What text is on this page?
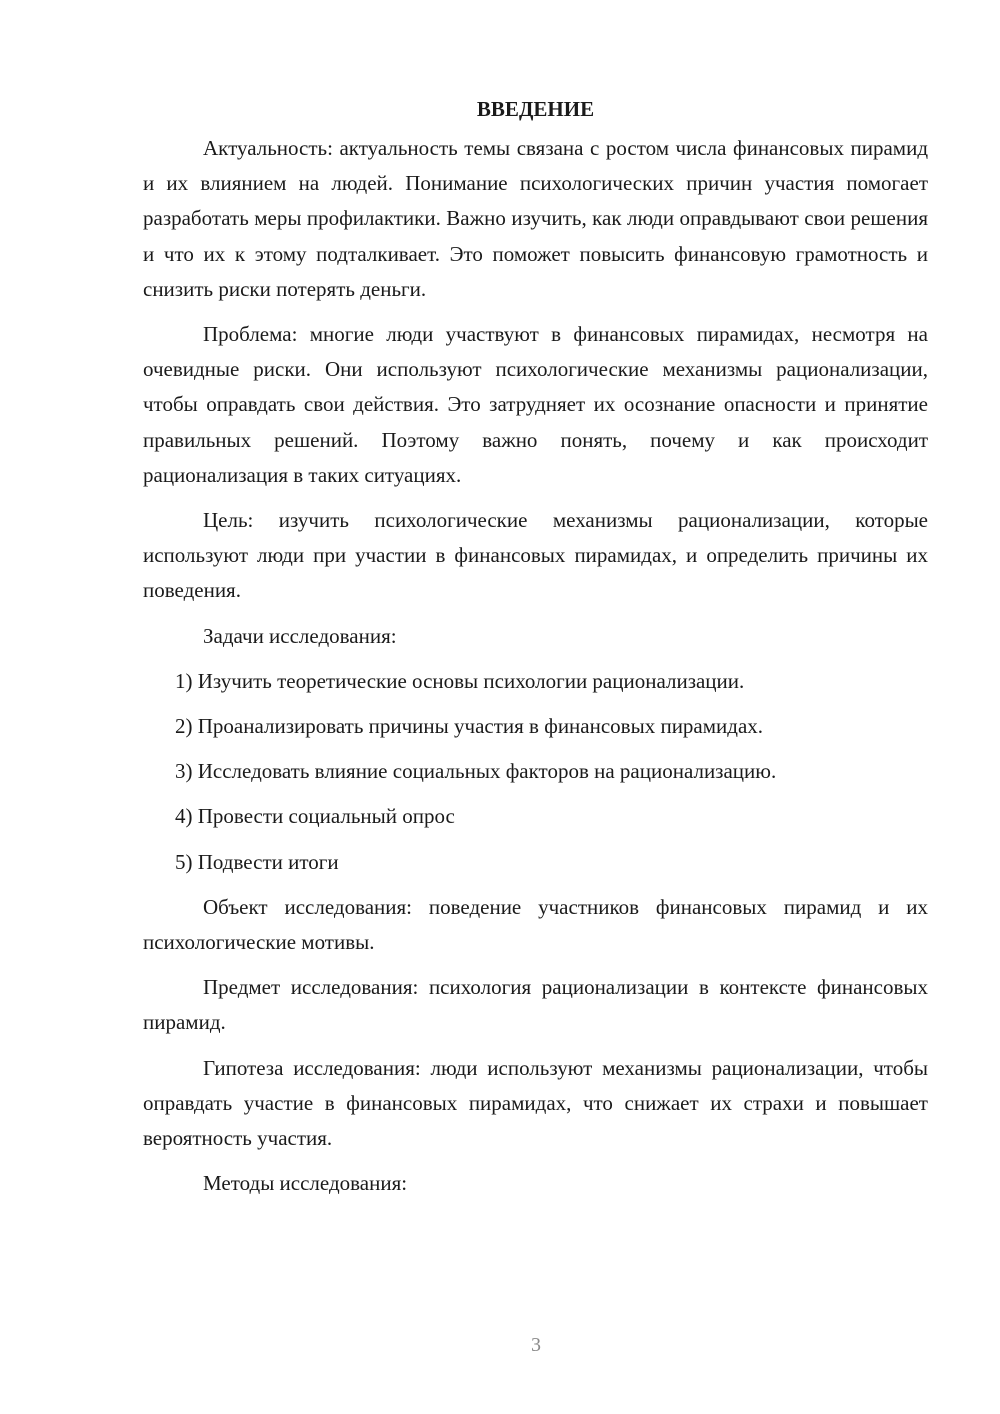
ВВЕДЕНИЕ

Актуальность: актуальность темы связана с ростом числа финансовых пирамид и их влиянием на людей. Понимание психологических причин участия помогает разработать меры профилактики. Важно изучить, как люди оправдывают свои решения и что их к этому подталкивает. Это поможет повысить финансовую грамотность и снизить риски потерять деньги.

Проблема: многие люди участвуют в финансовых пирамидах, несмотря на очевидные риски. Они используют психологические механизмы рационализации, чтобы оправдать свои действия. Это затрудняет их осознание опасности и принятие правильных решений. Поэтому важно понять, почему и как происходит рационализация в таких ситуациях.

Цель: изучить психологические механизмы рационализации, которые используют люди при участии в финансовых пирамидах, и определить причины их поведения.

Задачи исследования:

1) Изучить теоретические основы психологии рационализации.
2) Проанализировать причины участия в финансовых пирамидах.
3) Исследовать влияние социальных факторов на рационализацию.
4) Провести социальный опрос
5) Подвести итоги

Объект исследования: поведение участников финансовых пирамид и их психологические мотивы.

Предмет исследования: психология рационализации в контексте финансовых пирамид.

Гипотеза исследования: люди используют механизмы рационализации, чтобы оправдать участие в финансовых пирамидах, что снижает их страхи и повышает вероятность участия.

Методы исследования:

3
